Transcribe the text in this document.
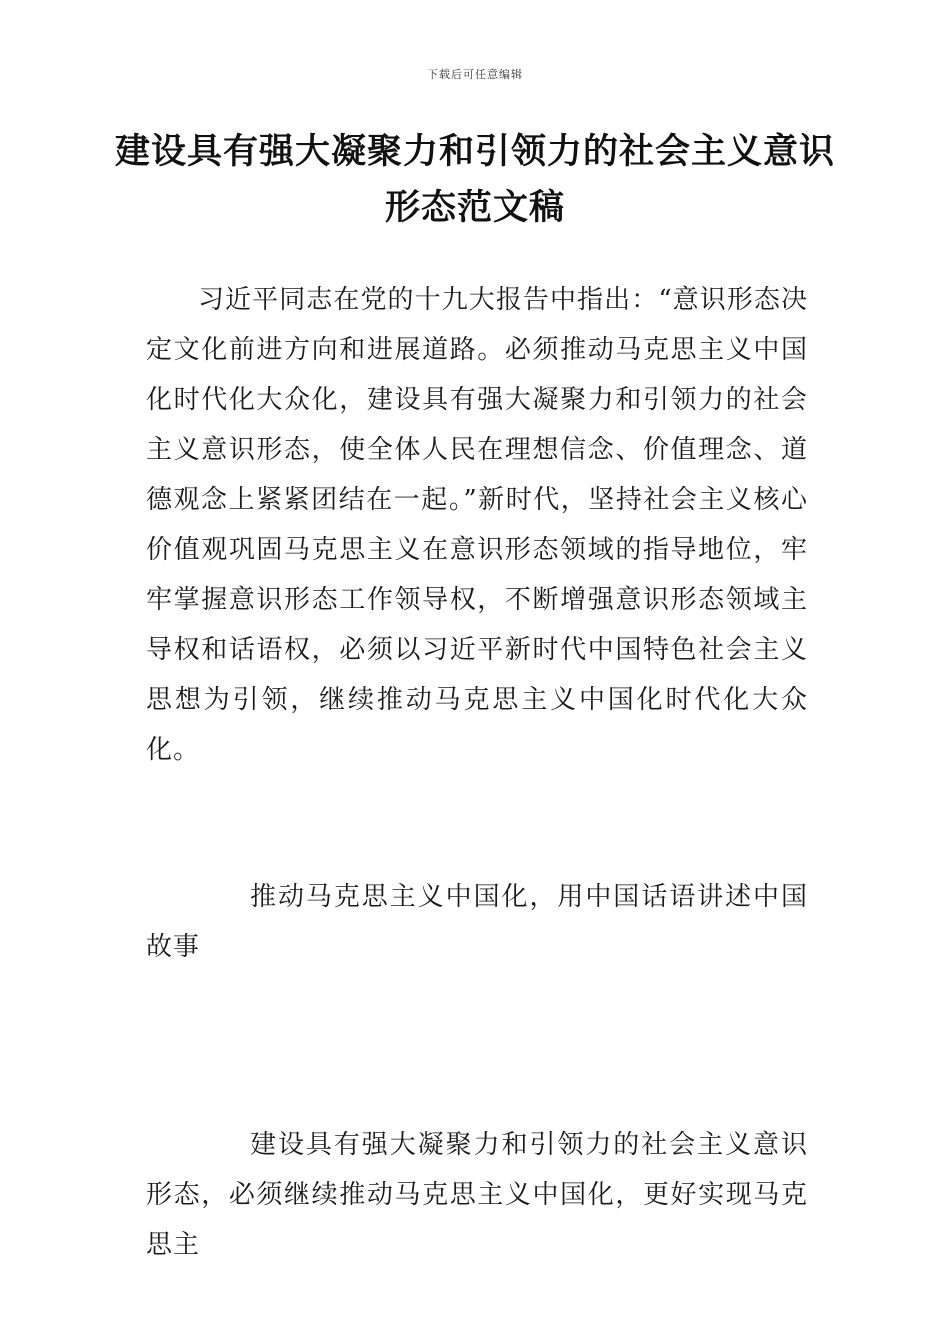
下载后可任意编辑
建设具有强大凝聚力和引领力的社会主义意识形态范文稿

习近平同志在党的十九大报告中指出：“意识形态决定文化前进方向和进展道路。必须推动马克思主义中国化时代化大众化，建设具有强大凝聚力和引领力的社会主义意识形态，使全体人民在理想信念、价值理念、道德观念上紧紧团结在一起。”新时代，坚持社会主义核心价值观巩固马克思主义在意识形态领域的指导地位，牢牢掌握意识形态工作领导权，不断增强意识形态领域主导权和话语权，必须以习近平新时代中国特色社会主义思想为引领，继续推动马克思主义中国化时代化大众化。

推动马克思主义中国化，用中国话语讲述中国故事

建设具有强大凝聚力和引领力的社会主义意识形态，必须继续推动马克思主义中国化，更好实现马克思主
